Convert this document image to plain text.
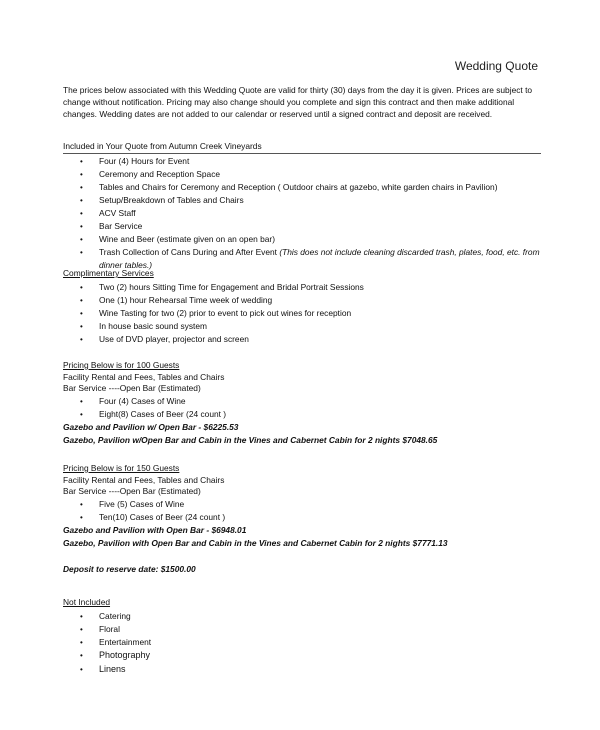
Wedding Quote

The prices below associated with this Wedding Quote are valid for thirty (30) days from the day it is given. Prices are subject to change without notification. Pricing may also change should you complete and sign this contract and then make additional changes. Wedding dates are not added to our calendar or reserved until a signed contract and deposit are received.

Included in Your Quote from Autumn Creek Vineyards
• Four (4) Hours for Event
• Ceremony and Reception Space
• Tables and Chairs for Ceremony and Reception ( Outdoor chairs at gazebo, white garden chairs in Pavilion)
• Setup/Breakdown of Tables and Chairs
• ACV Staff
• Bar Service
• Wine and Beer (estimate given on an open bar)
• Trash Collection of Cans During and After Event (This does not include cleaning discarded trash, plates, food, etc. from dinner tables.)
Complimentary Services
• Two (2) hours Sitting Time for Engagement and Bridal Portrait Sessions
• One (1) hour Rehearsal Time week of wedding
• Wine Tasting for two (2) prior to event to pick out wines for reception
• In house basic sound system
• Use of DVD player, projector and screen
Pricing Below is for 100 Guests
Facility Rental and Fees, Tables and Chairs
Bar Service ----Open Bar (Estimated)
• Four (4) Cases of Wine
• Eight(8) Cases of Beer (24 count )
Gazebo and Pavilion w/ Open Bar - $6225.53
Gazebo, Pavilion w/Open Bar and Cabin in the Vines and Cabernet Cabin for 2 nights $7048.65
Pricing Below is for 150 Guests
Facility Rental and Fees, Tables and Chairs
Bar Service ----Open Bar (Estimated)
• Five (5) Cases of Wine
• Ten(10) Cases of Beer (24 count )
Gazebo and Pavilion with Open Bar - $6948.01
Gazebo, Pavilion with Open Bar and Cabin in the Vines and Cabernet Cabin for 2 nights $7771.13
Deposit to reserve date: $1500.00
Not Included
• Catering
• Floral
• Entertainment
• Photography
• Linens
